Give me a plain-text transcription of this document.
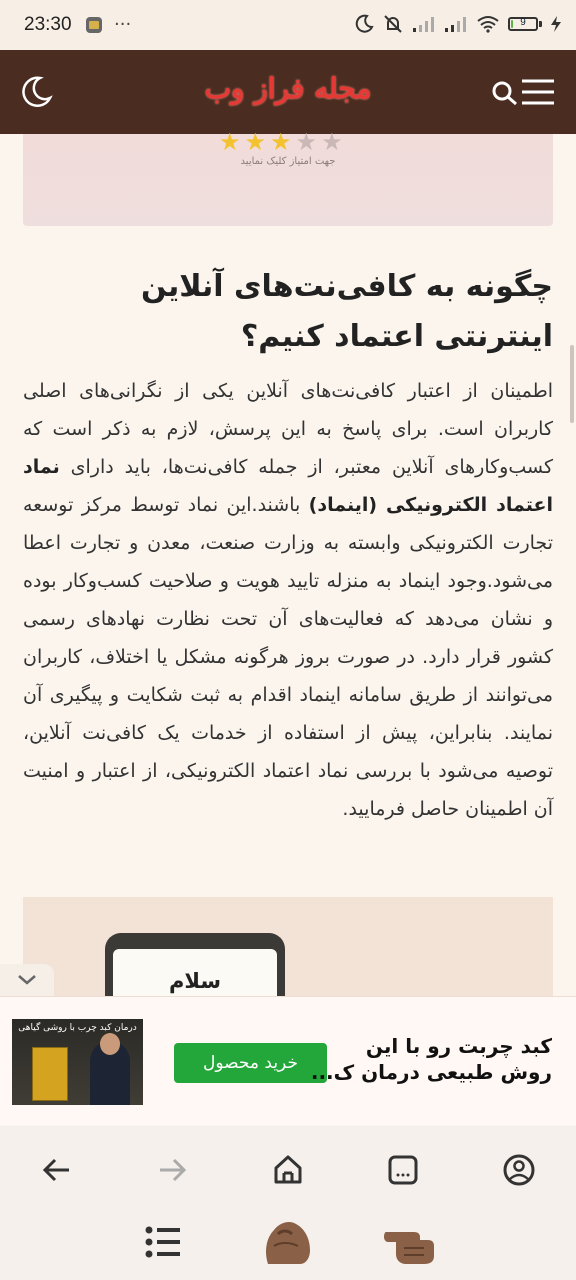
23:30 ···	9
مجله فراز وب
★ ★ ★ ★ ★
جهت امتیاز کلیک نمایید
چگونه به کافی‌نت‌های آنلاین اینترنتی اعتماد کنیم؟
اطمینان از اعتبار کافی‌نت‌های آنلاین یکی از نگرانی‌های اصلی کاربران است. برای پاسخ به این پرسش، لازم به ذکر است که کسب‌وکارهای آنلاین معتبر، از جمله کافی‌نت‌ها، باید دارای نماد اعتماد الکترونیکی (اینماد) باشند.این نماد توسط مرکز توسعه تجارت الکترونیکی وابسته به وزارت صنعت، معدن و تجارت اعطا می‌شود.وجود اینماد به منزله تایید هویت و صلاحیت کسب‌وکار بوده و نشان می‌دهد که فعالیت‌های آن تحت نظارت نهادهای رسمی کشور قرار دارد. در صورت بروز هرگونه مشکل یا اختلاف، کاربران می‌توانند از طریق سامانه اینماد اقدام به ثبت شکایت و پیگیری آن نمایند. بنابراین، پیش از استفاده از خدمات یک کافی‌نت آنلاین، توصیه می‌شود با بررسی نماد اعتماد الکترونیکی، از اعتبار و امنیت آن اطمینان حاصل فرمایید.
سلام
درمان کبد چرب با روشی گیاهی
خرید محصول
کبد چربت رو با این
روش طبیعی درمان ک...
